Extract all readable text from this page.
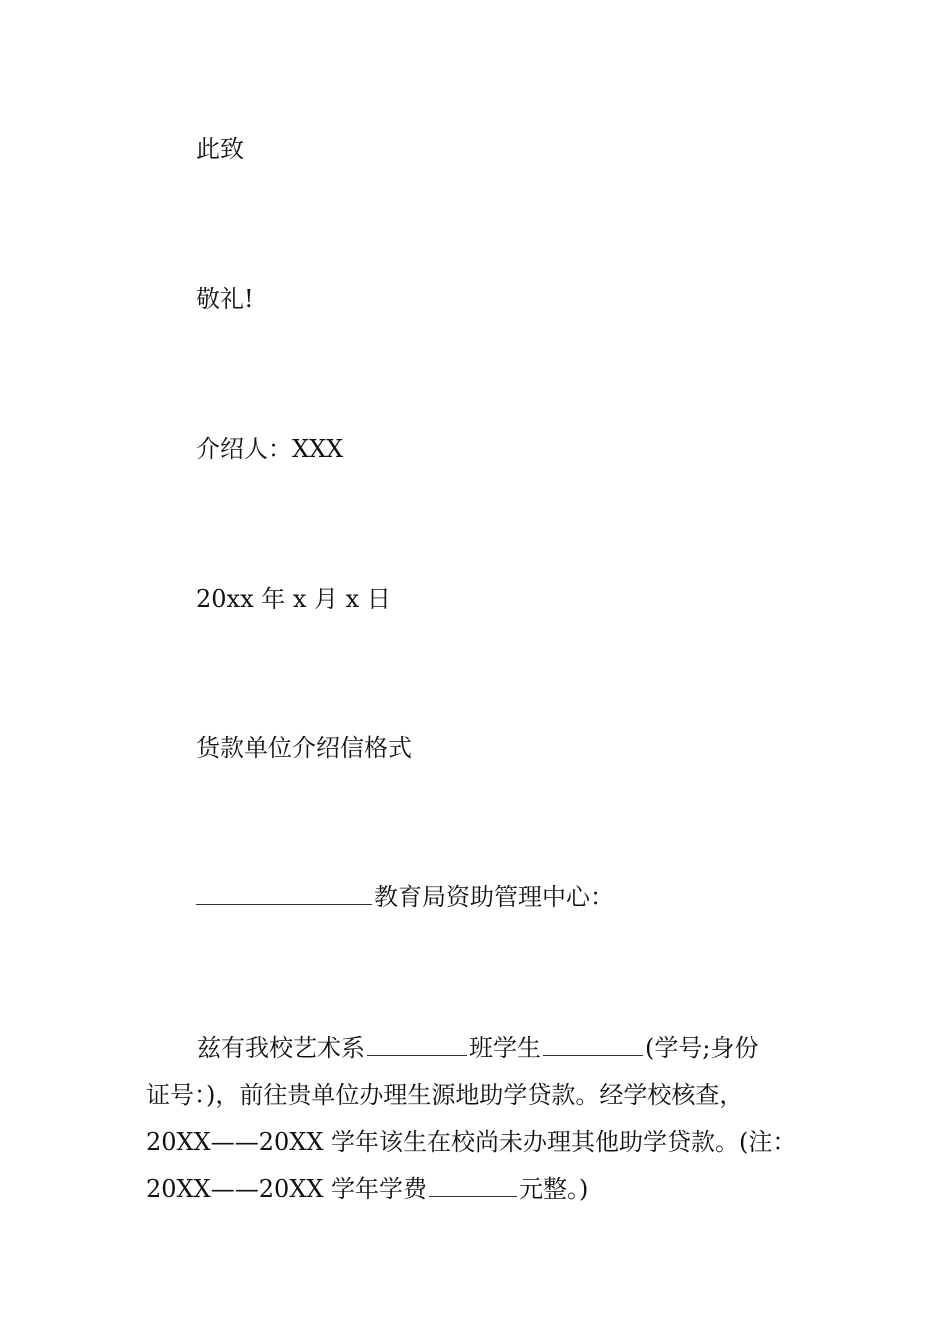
此致
敬礼!
介绍人：XXX
20xx 年 x 月 x 日
货款单位介绍信格式
教育局资助管理中心：
兹有我校艺术系	班学生	(学号;身份
证号：)，前往贵单位办理生源地助学贷款。经学校核查，
20XX——20XX 学年该生在校尚未办理其他助学贷款。(注：
20XX——20XX 学年学费	元整。)
